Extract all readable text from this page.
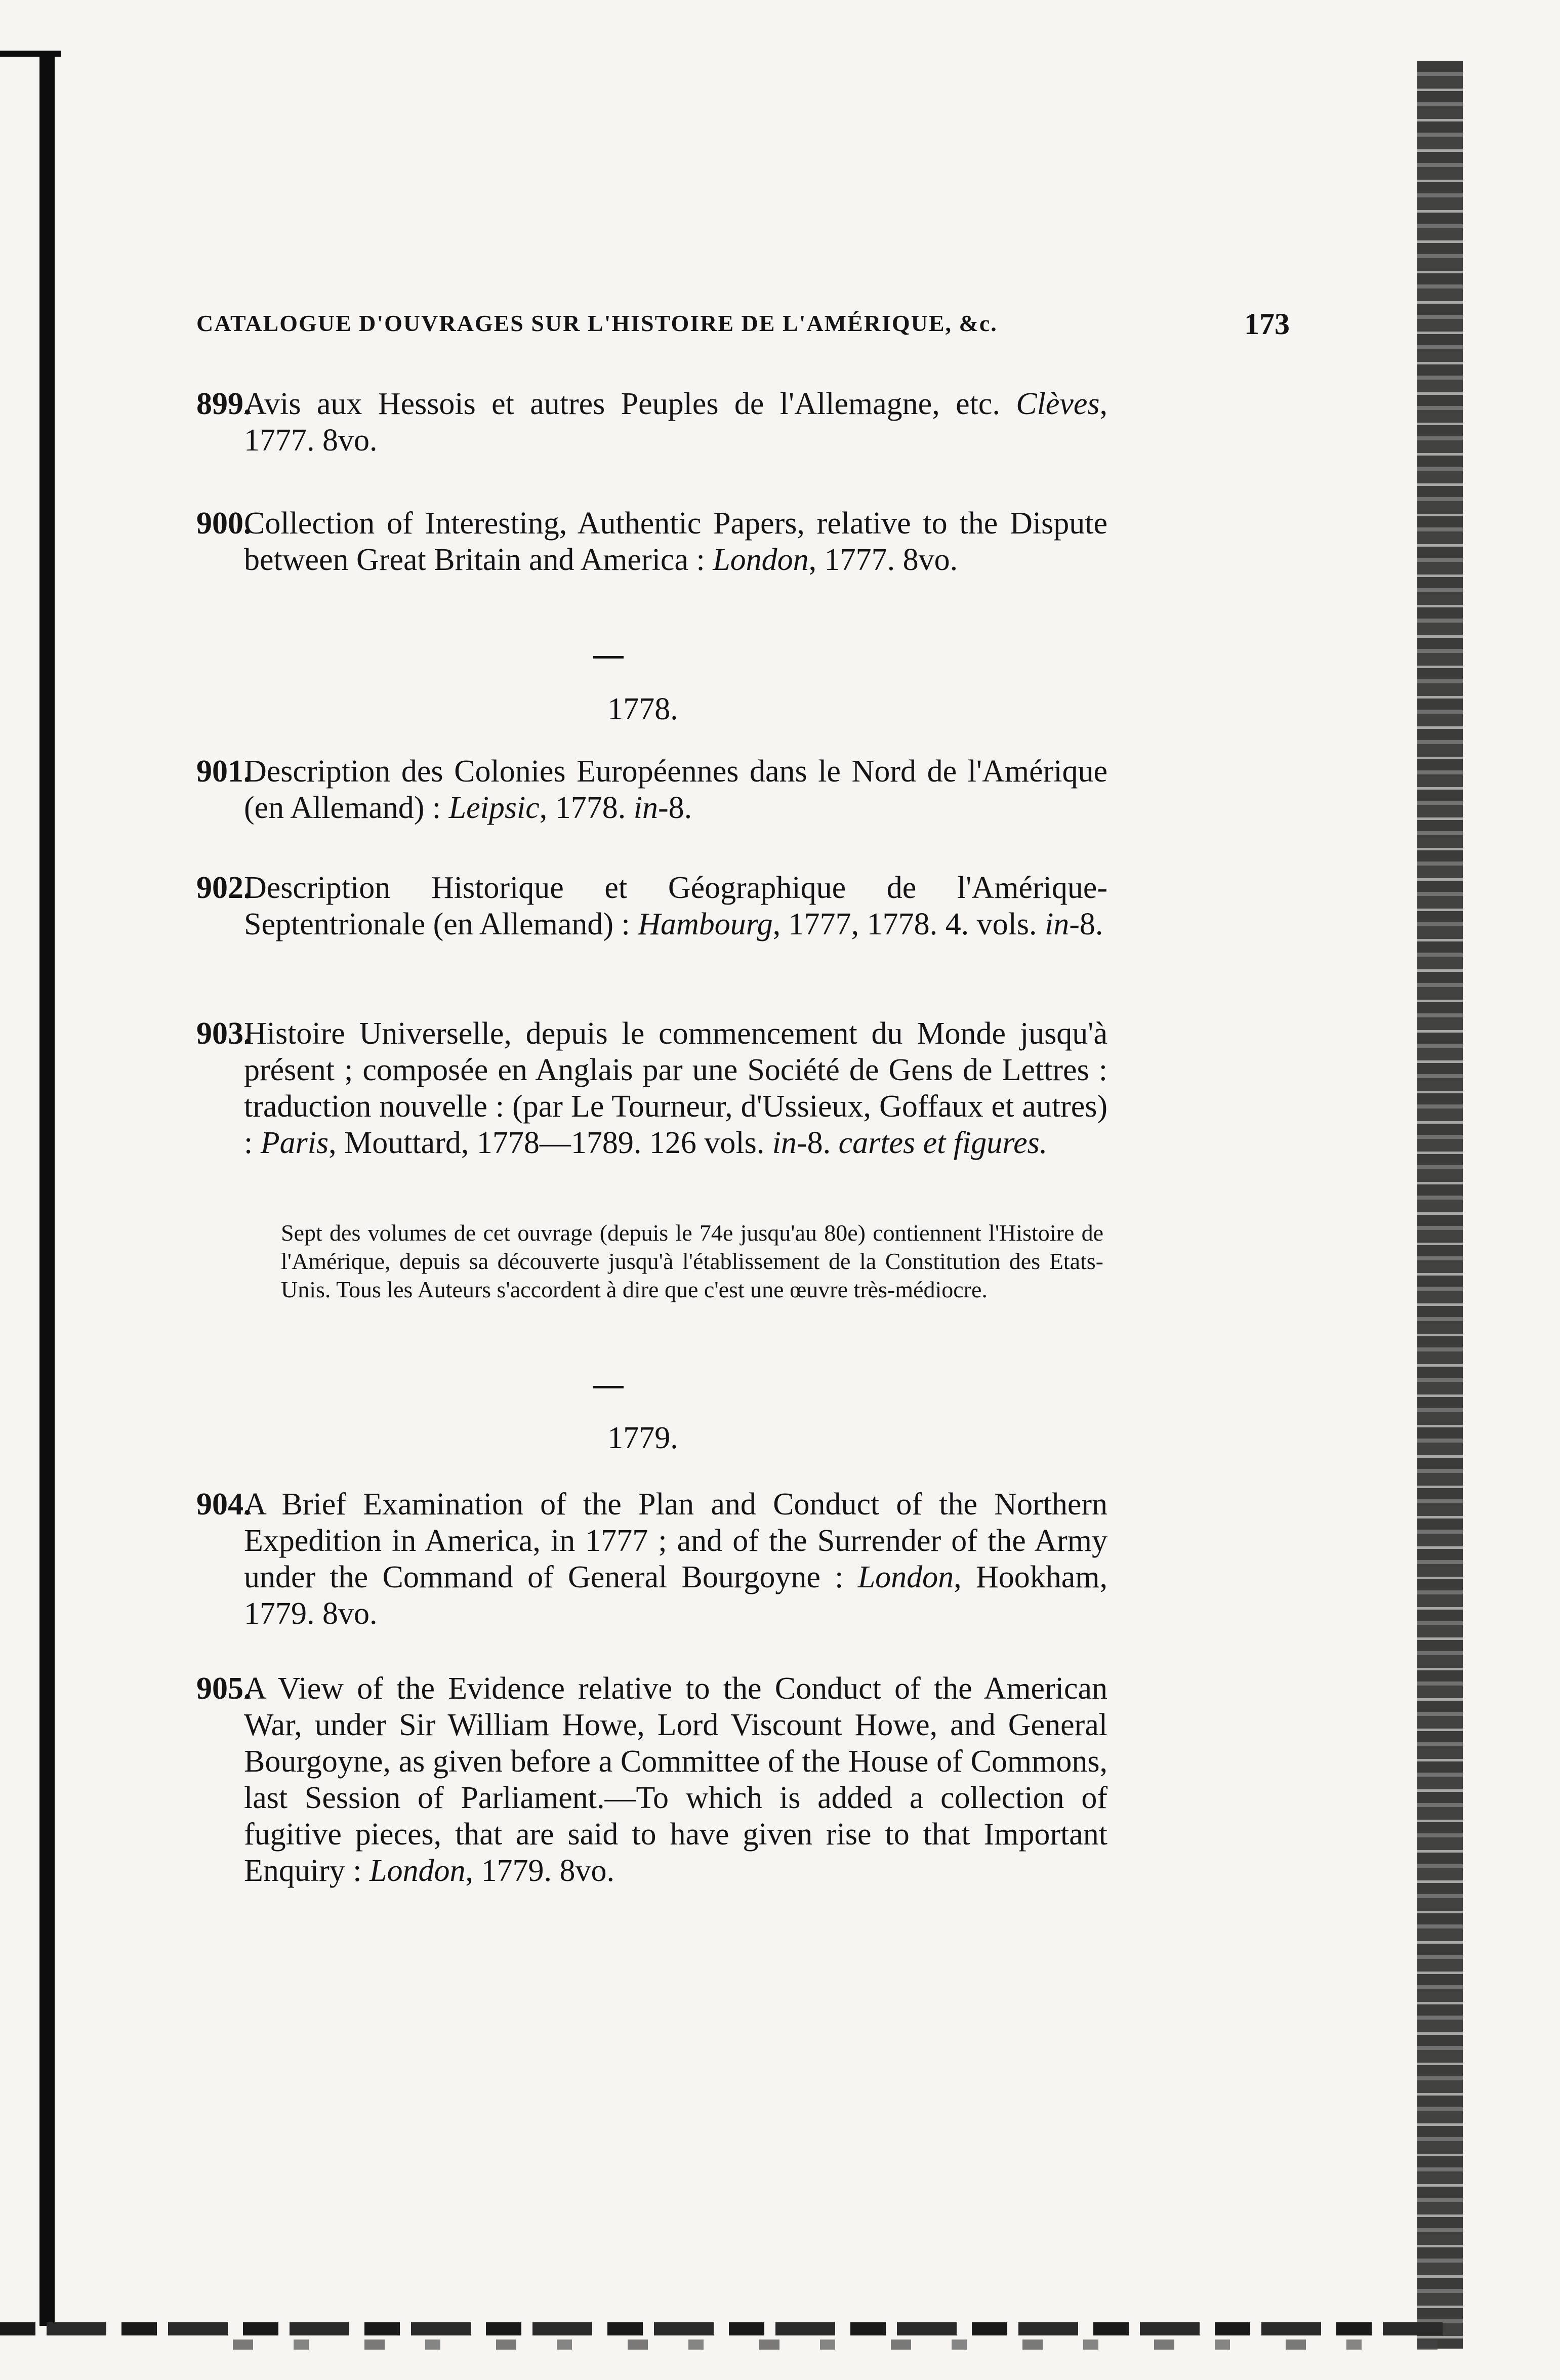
CATALOGUE D'OUVRAGES SUR L'HISTOIRE DE L'AMÉRIQUE, &c.	173
899.
Avis aux Hessois et autres Peuples de l'Allemagne, etc. Clèves, 1777. 8vo.
900.
Collection of Interesting, Authentic Papers, relative to the Dispute between Great Britain and America : London, 1777. 8vo.
1778.
901.
Description des Colonies Européennes dans le Nord de l'Amérique (en Allemand) : Leipsic, 1778. in-8.
902.
Description Historique et Géographique de l'Amérique-Septentrionale (en Allemand) : Hambourg, 1777, 1778. 4. vols. in-8.
903.
Histoire Universelle, depuis le commencement du Monde jusqu'à présent ; composée en Anglais par une Société de Gens de Lettres : traduction nouvelle : (par Le Tourneur, d'Ussieux, Goffaux et autres) : Paris, Mouttard, 1778—1789. 126 vols. in-8. cartes et figures.
Sept des volumes de cet ouvrage (depuis le 74e jusqu'au 80e) contiennent l'Histoire de l'Amérique, depuis sa découverte jusqu'à l'établissement de la Constitution des Etats-Unis. Tous les Auteurs s'accordent à dire que c'est une œuvre très-médiocre.
1779.
904.
A Brief Examination of the Plan and Conduct of the Northern Expedition in America, in 1777 ; and of the Surrender of the Army under the Command of General Bourgoyne : London, Hookham, 1779. 8vo.
905.
A View of the Evidence relative to the Conduct of the American War, under Sir William Howe, Lord Viscount Howe, and General Bourgoyne, as given before a Committee of the House of Commons, last Session of Parliament.—To which is added a collection of fugitive pieces, that are said to have given rise to that Important Enquiry : London, 1779. 8vo.
